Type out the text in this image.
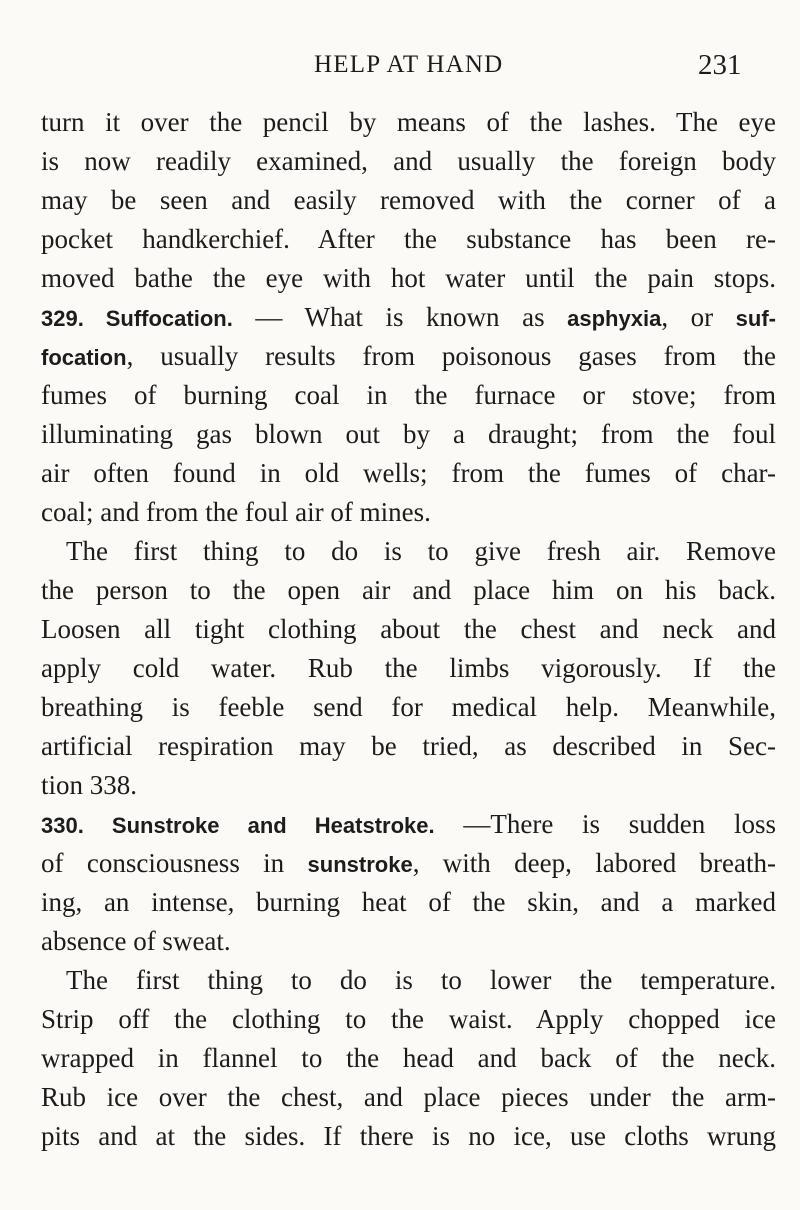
HELP AT HAND	231
turn it over the pencil by means of the lashes. The eye
is now readily examined, and usually the foreign body
may be seen and easily removed with the corner of a
pocket handkerchief. After the substance has been re-
moved bathe the eye with hot water until the pain stops.
329. Suffocation. — What is known as asphyxia, or suf-
focation, usually results from poisonous gases from the
fumes of burning coal in the furnace or stove; from
illuminating gas blown out by a draught; from the foul
air often found in old wells; from the fumes of char-
coal; and from the foul air of mines.
The first thing to do is to give fresh air. Remove
the person to the open air and place him on his back.
Loosen all tight clothing about the chest and neck and
apply cold water. Rub the limbs vigorously. If the
breathing is feeble send for medical help. Meanwhile,
artificial respiration may be tried, as described in Sec-
tion 338.
330. Sunstroke and Heatstroke. —There is sudden loss
of consciousness in sunstroke, with deep, labored breath-
ing, an intense, burning heat of the skin, and a marked
absence of sweat.
The first thing to do is to lower the temperature.
Strip off the clothing to the waist. Apply chopped ice
wrapped in flannel to the head and back of the neck.
Rub ice over the chest, and place pieces under the arm-
pits and at the sides. If there is no ice, use cloths wrung
